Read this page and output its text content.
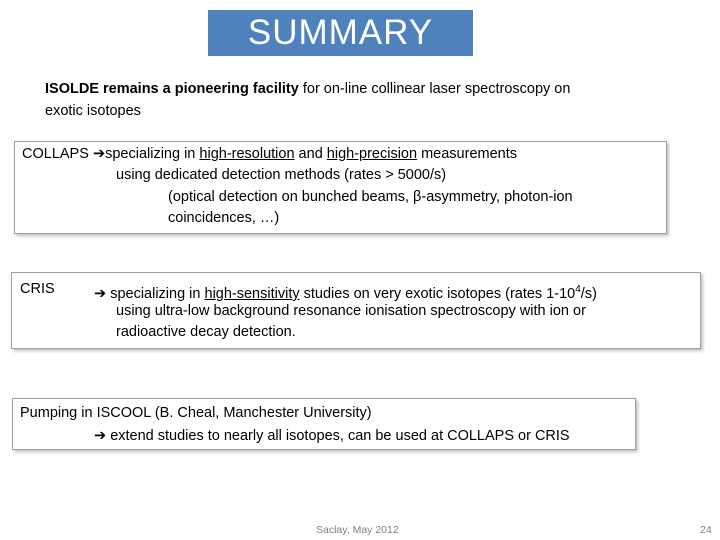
SUMMARY
ISOLDE remains a pioneering facility for on-line collinear laser spectroscopy on
exotic isotopes
COLLAPS ➔specializing in high-resolution and high-precision measurements
using dedicated detection methods (rates > 5000/s)
(optical detection on bunched beams, β-asymmetry, photon-ion
coincidences, …)
CRIS	➔ specializing in high-sensitivity studies on very exotic isotopes (rates $1-10^4/s$)
using ultra-low background resonance ionisation spectroscopy with ion or
radioactive decay detection.
Pumping in ISCOOL (B. Cheal, Manchester University)
➔ extend studies to nearly all isotopes, can be used at COLLAPS or CRIS
Saclay, May 2012	24
